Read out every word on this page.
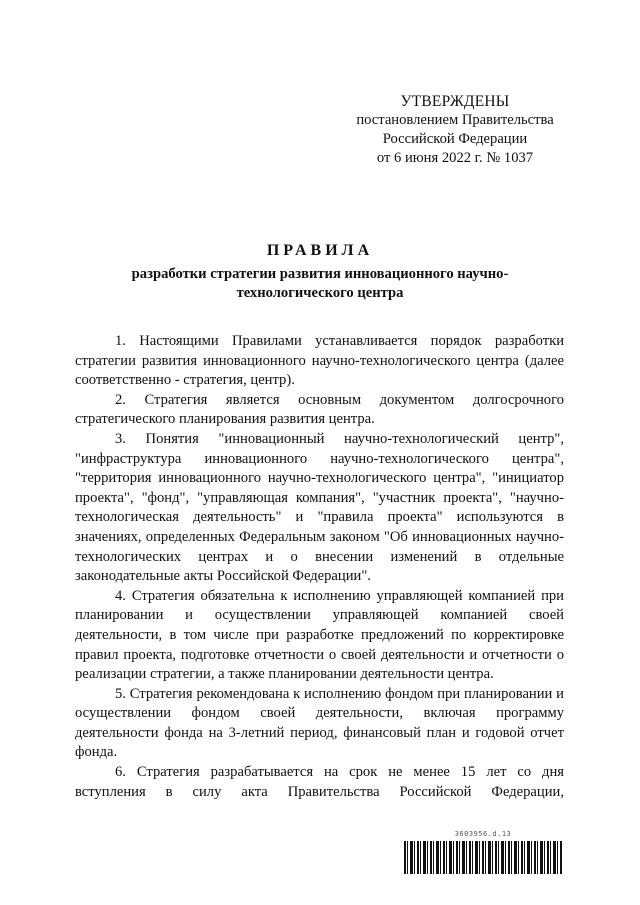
УТВЕРЖДЕНЫ
постановлением Правительства
Российской Федерации
от 6 июня 2022 г. № 1037
ПРАВИЛА
разработки стратегии развития инновационного научно-
технологического центра

1. Настоящими Правилами устанавливается порядок разработки стратегии развития инновационного научно-технологического центра (далее соответственно - стратегия, центр).

2. Стратегия является основным документом долгосрочного стратегического планирования развития центра.

3. Понятия "инновационный научно-технологический центр", "инфраструктура инновационного научно-технологического центра", "территория инновационного научно-технологического центра", "инициатор проекта", "фонд", "управляющая компания", "участник проекта", "научно-технологическая деятельность" и "правила проекта" используются в значениях, определенных Федеральным законом "Об инновационных научно-технологических центрах и о внесении изменений в отдельные законодательные акты Российской Федерации".

4. Стратегия обязательна к исполнению управляющей компанией при планировании и осуществлении управляющей компанией своей деятельности, в том числе при разработке предложений по корректировке правил проекта, подготовке отчетности о своей деятельности и отчетности о реализации стратегии, а также планировании деятельности центра.

5. Стратегия рекомендована к исполнению фондом при планировании и осуществлении фондом своей деятельности, включая программу деятельности фонда на 3-летний период, финансовый план и годовой отчет фонда.

6. Стратегия разрабатывается на срок не менее 15 лет со дня вступления в силу акта Правительства Российской Федерации,

3603956.d.13
